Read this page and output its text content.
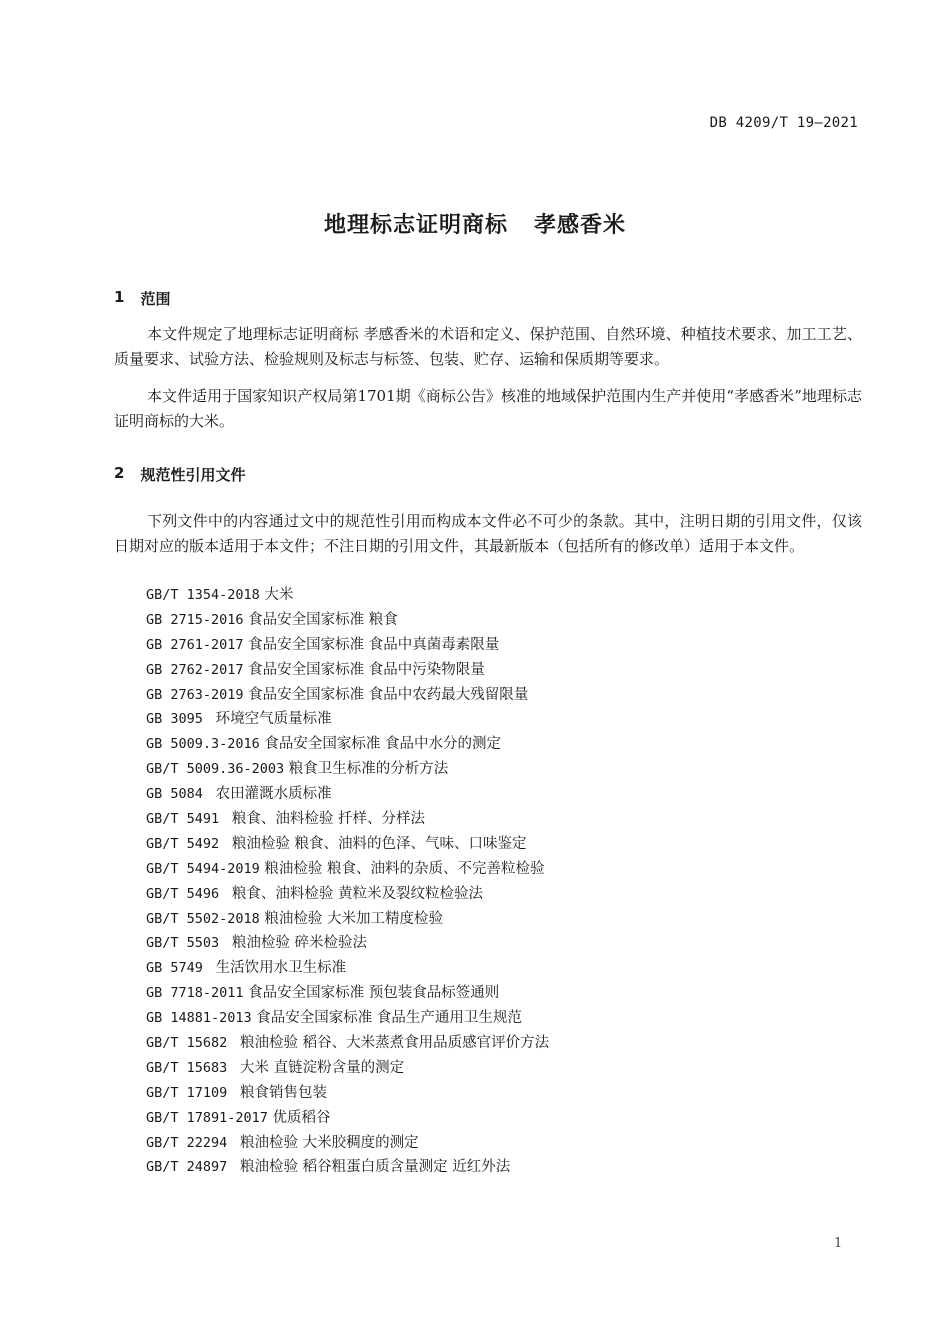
DB 4209/T 19—2021
地理标志证明商标   孝感香米
1 范围

本文件规定了地理标志证明商标 孝感香米的术语和定义、保护范围、自然环境、种植技术要求、加工工艺、质量要求、试验方法、检验规则及标志与标签、包装、贮存、运输和保质期等要求。

本文件适用于国家知识产权局第1701期《商标公告》核准的地域保护范围内生产并使用“孝感香米”地理标志证明商标的大米。

2 规范性引用文件

下列文件中的内容通过文中的规范性引用而构成本文件必不可少的条款。其中，注明日期的引用文件，仅该日期对应的版本适用于本文件；不注日期的引用文件，其最新版本（包括所有的修改单）适用于本文件。

GB/T 1354-2018 大米
GB 2715-2016 食品安全国家标准 粮食
GB 2761-2017 食品安全国家标准 食品中真菌毒素限量
GB 2762-2017 食品安全国家标准 食品中污染物限量
GB 2763-2019 食品安全国家标准 食品中农药最大残留限量
GB 3095  环境空气质量标准
GB 5009.3-2016 食品安全国家标准 食品中水分的测定
GB/T 5009.36-2003 粮食卫生标准的分析方法
GB 5084  农田灌溉水质标准
GB/T 5491  粮食、油料检验 扦样、分样法
GB/T 5492  粮油检验 粮食、油料的色泽、气味、口味鉴定
GB/T 5494-2019 粮油检验 粮食、油料的杂质、不完善粒检验
GB/T 5496  粮食、油料检验 黄粒米及裂纹粒检验法
GB/T 5502-2018 粮油检验 大米加工精度检验
GB/T 5503  粮油检验 碎米检验法
GB 5749  生活饮用水卫生标准
GB 7718-2011 食品安全国家标准 预包装食品标签通则
GB 14881-2013 食品安全国家标准 食品生产通用卫生规范
GB/T 15682  粮油检验 稻谷、大米蒸煮食用品质感官评价方法
GB/T 15683  大米 直链淀粉含量的测定
GB/T 17109  粮食销售包装
GB/T 17891-2017 优质稻谷
GB/T 22294  粮油检验 大米胶稠度的测定
GB/T 24897  粮油检验 稻谷粗蛋白质含量测定 近红外法
1
